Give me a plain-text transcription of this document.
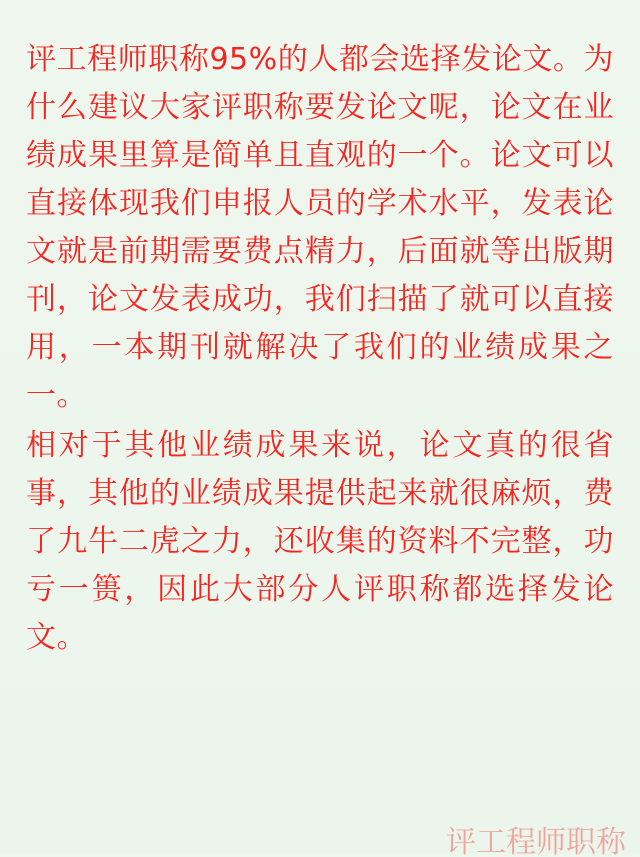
评工程师职称95%的人都会选择发论文。为什么建议大家评职称要发论文呢，论文在业绩成果里算是简单且直观的一个。论文可以直接体现我们申报人员的学术水平，发表论文就是前期需要费点精力，后面就等出版期刊，论文发表成功，我们扫描了就可以直接用，一本期刊就解决了我们的业绩成果之一。

相对于其他业绩成果来说，论文真的很省事，其他的业绩成果提供起来就很麻烦，费了九牛二虎之力，还收集的资料不完整，功亏一篑，因此大部分人评职称都选择发论文。

评工程师职称
